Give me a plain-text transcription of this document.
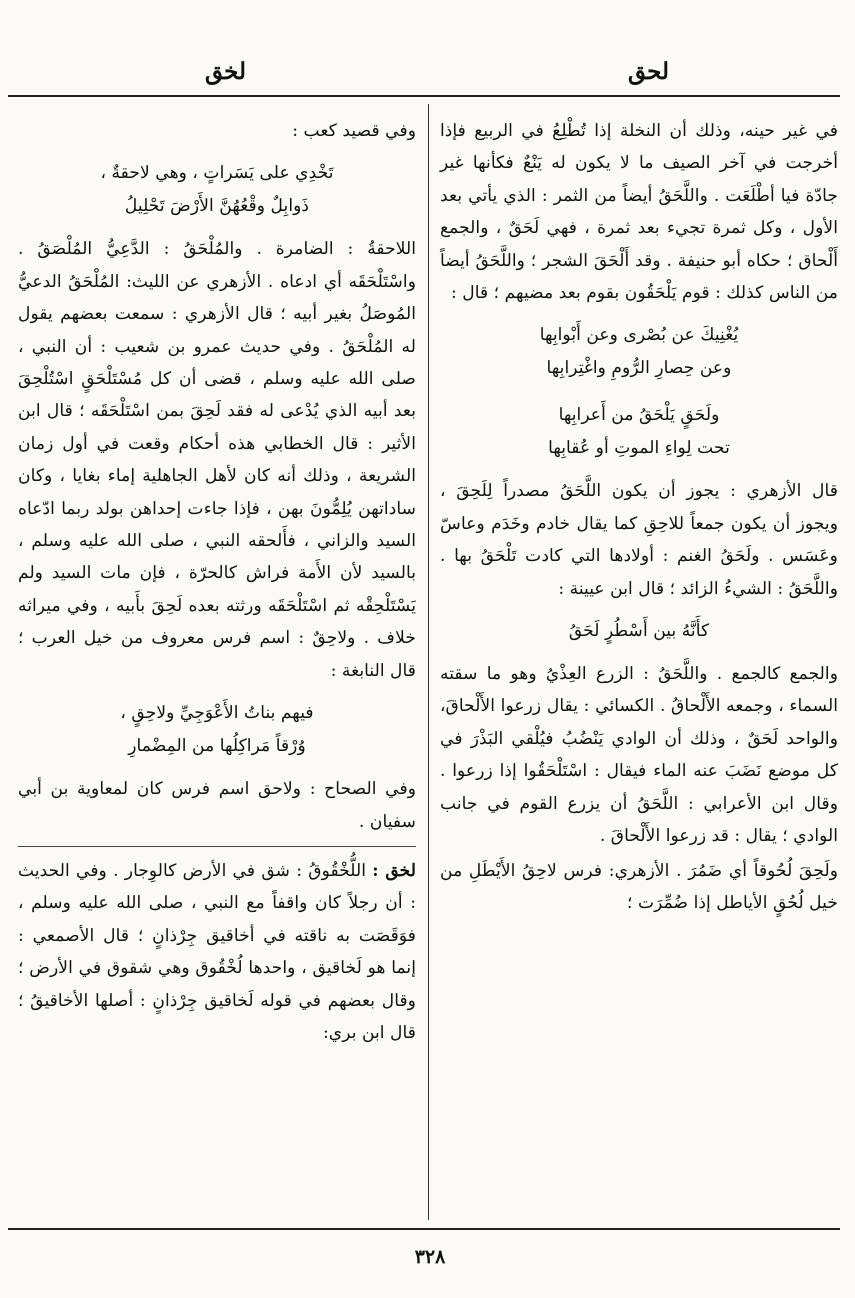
لحق
لخق

في غير حينه، وذلك أن النخلة إذا تُطْلِعُ في الربيع فإذا أخرجت في آخر الصيف ما لا يكون له يَنْعٌ فكأنها غير جادّة فيا أطْلَعَت . واللَّحَقُ أيضاً من الثمر : الذي يأتي بعد الأول ، وكل ثمرة تجيء بعد ثمرة ، فهي لَحَقٌ ، والجمع أَلْحاق ؛ حكاه أبو حنيفة . وقد أَلْحَقَ الشجر ؛ واللَّحَقُ أيضاً من الناس كذلك : قوم يَلْحَقُون بقوم بعد مضيهم ؛ قال :

يُغْنِيكَ عن بُصْرى وعن أَبْوابِها

وعن حِصارِ الرُّومِ واغْتِرابِها

ولَحَقٍ يَلْحَقُ من أَعرابِها

تحت لِواءِ الموتِ أو عُقابِها

قال الأزهري : يجوز أن يكون اللَّحَقُ مصدراً لِلَحِقَ ، ويجوز أن يكون جمعاً للاحِقِ كما يقال خادم وخَدَم وعاسّ وعَسَس . ولَحَقُ الغنم : أولادها التي كادت تَلْحَقُ بها . واللَّحَقُ : الشيءُ الزائد ؛ قال ابن عيينة :

كأَنَّهُ بين أَسْطُرٍ لَحَقُ

والجمع كالجمع . واللَّحَقُ : الزرع العِذْيُ وهو ما سقته السماء ، وجمعه الأَلْحاقُ . الكسائي : يقال زرعوا الأَلْحاقَ، والواحد لَحَقٌ ، وذلك أن الوادي يَنْضُبُ فيُلْقي البَذْرَ في كل موضع نَضَبَ عنه الماء فيقال : اسْتَلْحَقُوا إذا زرعوا . وقال ابن الأعرابي : اللَّحَقُ أن يزرع القوم في جانب الوادي ؛ يقال : قد زرعوا الأَلْحاقَ .

ولَحِقَ لُحُوقاً أي ضَمُرَ . الأزهري: فرس لاحِقُ الأَيْطَلِ من خيل لُحُقٍ الأياطل إذا ضُمِّرَت ؛

وفي قصيد كعب :

تَخْدِي على يَسَراتٍ ، وهي لاحقةٌ ،

ذَوابِلٌ وقْعُهُنَّ الأَرْضَ تَحْلِيلُ

اللاحقةُ : الضامرة . والمُلْحَقُ : الدَّعِيُّ المُلْصَقُ . واسْتَلْحَقَه أي ادعاه . الأزهري عن الليث: المُلْحَقُ الدعيُّ المُوصَلُ بغير أبيه ؛ قال الأزهري : سمعت بعضهم يقول له المُلْحَقُ . وفي حديث عمرو بن شعيب : أن النبي ، صلى الله عليه وسلم ، قضى أن كل مُسْتَلْحَقٍ اسْتُلْحِقَ بعد أبيه الذي يُدْعى له فقد لَحِقَ بمن اسْتَلْحَقَه ؛ قال ابن الأثير : قال الخطابي هذه أحكام وقعت في أول زمان الشريعة ، وذلك أنه كان لأهل الجاهلية إماء بغايا ، وكان ساداتهن يُلِمُّونَ بهن ، فإذا جاءت إحداهن بولد ربما ادّعاه السيد والزاني ، فأَلحقه النبي ، صلى الله عليه وسلم ، بالسيد لأن الأَمة فراش كالحرّة ، فإن مات السيد ولم يَسْتَلْحِقْه ثم اسْتَلْحَقَه ورثته بعده لَحِقَ بأَبيه ، وفي ميراثه خلاف . ولاحِقٌ : اسم فرس معروف من خيل العرب ؛ قال النابغة :

فيهم بناتُ الأَعْوَجِيِّ ولاحِقٍ ،

وُرْقاً مَراكِلُها من المِضْمارِ

وفي الصحاح : ولاحق اسم فرس كان لمعاوية بن أبي سفيان .

لخق : اللُّخْقُوقُ : شق في الأرض كالوِجار . وفي الحديث : أن رجلاً كان واقفاً مع النبي ، صلى الله عليه وسلم ، فوَقَصَت به ناقته في أخاقيق جِرْذانٍ ؛ قال الأصمعي : إنما هو لَخاقيق ، واحدها لُخْقُوق وهي شقوق في الأرض ؛ وقال بعضهم في قوله لَخاقيق جِرْذانٍ : أصلها الأخاقيقُ ؛ قال ابن بري:

٣٢٨
